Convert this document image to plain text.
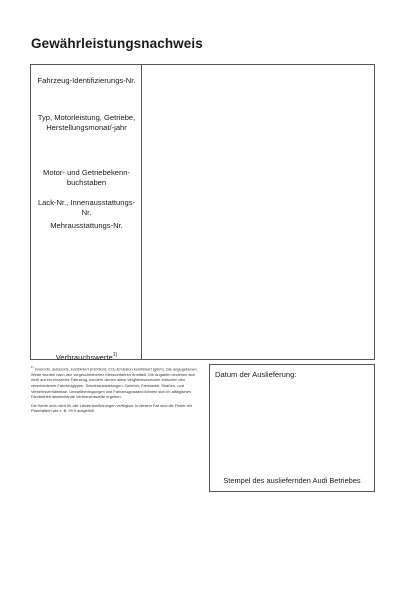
Gewährleistungsnachweis
Fahrzeug-Identifizierungs-Nr.
Typ, Motorleistung, Getriebe,
Herstellungsmonat/-jahr
Motor- und Getriebekenn-
buchstaben
Lack-Nr., Innenausstattungs-
Nr.
Mehrausstattungs-Nr.
Verbrauchswerte$^{1)}$

$^{1)}$ innerorts, außerorts, kombiniert (l/100km); CO₂-Emission kombiniert (g/km). Die angegebenen Werte wurden nach den vorgeschriebenen Messverfahren ermittelt. Die Angaben beziehen sich nicht auf ein einzelnes Fahrzeug, sondern dienen allein Vergleichszwecken zwischen den verschiedenen Fahrzeugtypen. Sonderausstattungen, Zubehör, Fahrweise, Straßen- und Verkehrsverhältnisse, Umweltbedingungen und Fahrzeugzustand können sich im alltäglichen Fahrbetrieb abweichende Verbrauchswerte ergeben.

Die Werte sind nicht für alle Länderausführungen verfügbar. In diesem Fall sind die Felder mit Platzhaltern wie z. B. 99.9 ausgefüllt.

Datum der Auslieferung:
Stempel des ausliefernden Audi Betriebes
